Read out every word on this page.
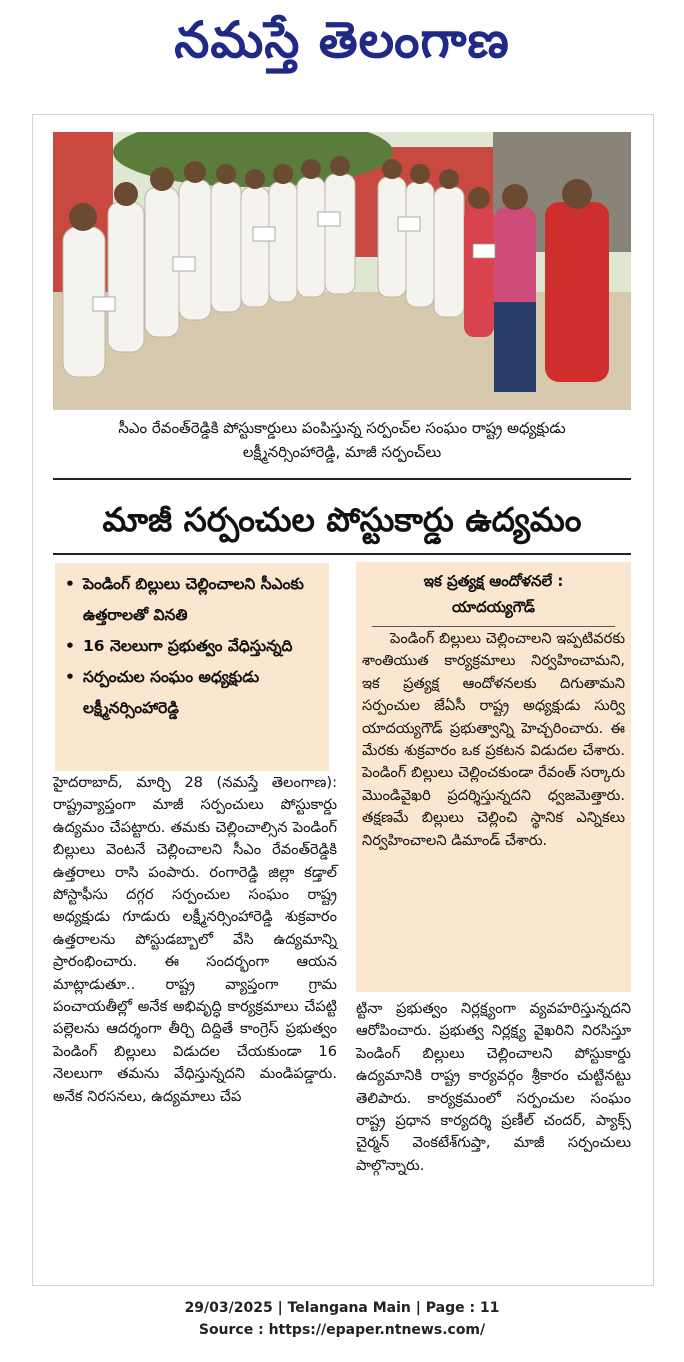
నమస్తే తెలంగాణ
సీఎం రేవంత్‌రెడ్డికి పోస్టుకార్డులు పంపిస్తున్న సర్పంచ్‌ల సంఘం రాష్ట్ర అధ్యక్షుడు
లక్ష్మీనర్సింహారెడ్డి, మాజీ సర్పంచ్‌లు
మాజీ సర్పంచుల పోస్టుకార్డు ఉద్యమం
• పెండింగ్ బిల్లులు చెల్లించాలని సీఎంకు ఉత్తరాలతో వినతి
• 16 నెలలుగా ప్రభుత్వం వేధిస్తున్నది
• సర్పంచుల సంఘం అధ్యక్షుడు లక్ష్మీనర్సింహారెడ్డి
ఇక ప్రత్యక్ష ఆందోళనలే :
యాదయ్యగౌడ్

పెండింగ్ బిల్లులు చెల్లించాలని ఇప్పటివరకు శాంతియుత కార్యక్రమాలు నిర్వహించామని, ఇక ప్రత్యక్ష ఆందోళనలకు దిగుతామని సర్పంచుల జేఏసీ రాష్ట్ర అధ్యక్షుడు సుర్వి యాదయ్యగౌడ్ ప్రభుత్వాన్ని హెచ్చరించారు. ఈ మేరకు శుక్రవారం ఒక ప్రకటన విడుదల చేశారు. పెండింగ్ బిల్లులు చెల్లించకుండా రేవంత్ సర్కారు మొండివైఖరి ప్రదర్శిస్తున్నదని ధ్వజమెత్తారు. తక్షణమే బిల్లులు చెల్లించి స్థానిక ఎన్నికలు నిర్వహించాలని డిమాండ్ చేశారు.

హైదరాబాద్, మార్చి 28 (నమస్తే తెలంగాణ): రాష్ట్రవ్యాప్తంగా మాజీ సర్పంచులు పోస్టుకార్డు ఉద్యమం చేపట్టారు. తమకు చెల్లించాల్సిన పెండింగ్ బిల్లులు వెంటనే చెల్లించాలని సీఎం రేవంత్‌రెడ్డికి ఉత్తరాలు రాసి పంపారు. రంగారెడ్డి జిల్లా కడ్తాల్ పోస్టాఫీసు దగ్గర సర్పంచుల సంఘం రాష్ట్ర అధ్యక్షుడు గూడురు లక్ష్మీనర్సింహారెడ్డి శుక్రవారం ఉత్తరాలను పోస్టుడబ్బాలో వేసి ఉద్యమాన్ని ప్రారంభించారు. ఈ సందర్భంగా ఆయన మాట్లాడుతూ.. రాష్ట్ర వ్యాప్తంగా గ్రామ పంచాయతీల్లో అనేక అభివృద్ధి కార్యక్రమాలు చేపట్టి పల్లెలను ఆదర్శంగా తీర్చి దిద్దితే కాంగ్రెస్ ప్రభుత్వం పెండింగ్ బిల్లులు విడుదల చేయకుండా 16 నెలలుగా తమను వేధిస్తున్నదని మండిపడ్డారు. అనేక నిరసనలు, ఉద్యమాలు చేప

ట్టినా ప్రభుత్వం నిర్లక్ష్యంగా వ్యవహరిస్తున్నదని ఆరోపించారు. ప్రభుత్వ నిర్లక్ష్య వైఖరిని నిరసిస్తూ పెండింగ్ బిల్లులు చెల్లించాలని పోస్టుకార్డు ఉద్యమానికి రాష్ట్ర కార్యవర్గం శ్రీకారం చుట్టినట్టు తెలిపారు. కార్యక్రమంలో సర్పంచుల సంఘం రాష్ట్ర ప్రధాన కార్యదర్శి ప్రణీల్ చందర్, ప్యాక్స్ చైర్మన్ వెంకటేశ్‌గుప్తా, మాజీ సర్పంచులు పాల్గొన్నారు.

29/03/2025 | Telangana Main | Page : 11
Source : https://epaper.ntnews.com/
